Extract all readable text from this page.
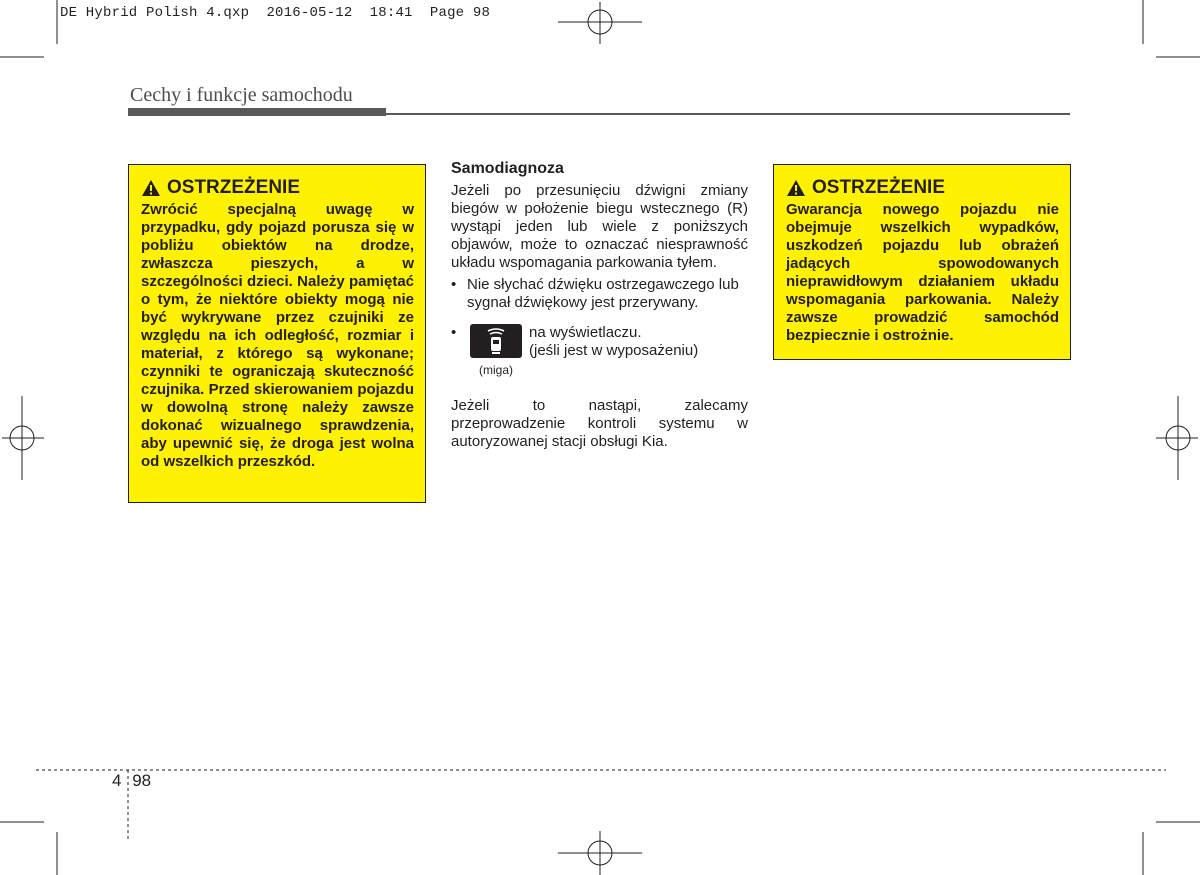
DE Hybrid Polish 4.qxp 2016-05-12 18:41 Page 98
Cechy i funkcje samochodu
OSTRZEŻENIE
Zwrócić specjalną uwagę w przypadku, gdy pojazd porusza się w pobliżu obiektów na drodze, zwłaszcza pieszych, a w szczególności dzieci. Należy pamiętać o tym, że niektóre obiekty mogą nie być wykrywane przez czujniki ze względu na ich odległość, rozmiar i materiał, z którego są wykonane; czynniki te ograniczają skuteczność czujnika. Przed skierowaniem pojazdu w dowolną stronę należy zawsze dokonać wizualnego sprawdzenia, aby upewnić się, że droga jest wolna od wszelkich przeszkód.
Samodiagnoza

Jeżeli po przesunięciu dźwigni zmiany biegów w położenie biegu wstecznego (R) wystąpi jeden lub wiele z poniższych objawów, może to oznaczać niesprawność układu wspomagania parkowania tyłem.

• Nie słychać dźwięku ostrzegawczego lub sygnał dźwiękowy jest przerywany.
•
(miga)
na wyświetlaczu.
(jeśli jest w wyposażeniu)

Jeżeli to nastąpi, zalecamy przeprowadzenie kontroli systemu w autoryzowanej stacji obsługi Kia.

OSTRZEŻENIE
Gwarancja nowego pojazdu nie obejmuje wszelkich wypadków, uszkodzeń pojazdu lub obrażeń jadących spowodowanych nieprawidłowym działaniem układu wspomagania parkowania. Należy zawsze prowadzić samochód bezpiecznie i ostrożnie.
4 98
